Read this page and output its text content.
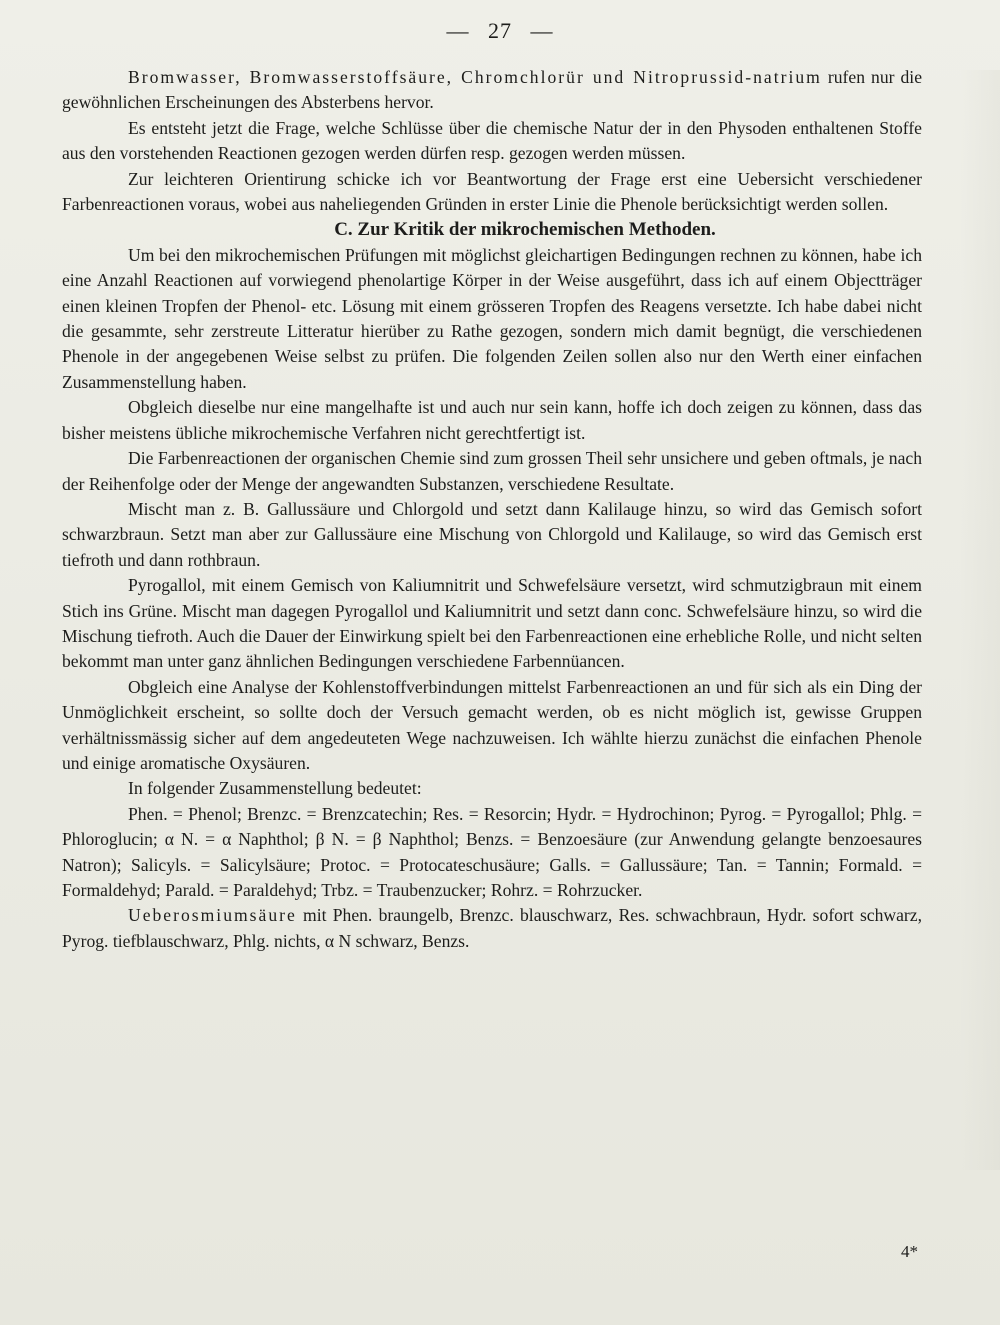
— 27 —

Bromwasser, Bromwasserstoffsäure, Chromchlorür und Nitroprussid-natrium rufen nur die gewöhnlichen Erscheinungen des Absterbens hervor.

Es entsteht jetzt die Frage, welche Schlüsse über die chemische Natur der in den Physoden enthaltenen Stoffe aus den vorstehenden Reactionen gezogen werden dürfen resp. gezogen werden müssen.

Zur leichteren Orientirung schicke ich vor Beantwortung der Frage erst eine Uebersicht verschiedener Farbenreactionen voraus, wobei aus naheliegenden Gründen in erster Linie die Phenole berücksichtigt werden sollen.

C. Zur Kritik der mikrochemischen Methoden.

Um bei den mikrochemischen Prüfungen mit möglichst gleichartigen Bedingungen rechnen zu können, habe ich eine Anzahl Reactionen auf vorwiegend phenolartige Körper in der Weise ausgeführt, dass ich auf einem Objectträger einen kleinen Tropfen der Phenol- etc. Lösung mit einem grösseren Tropfen des Reagens versetzte. Ich habe dabei nicht die gesammte, sehr zerstreute Litteratur hierüber zu Rathe gezogen, sondern mich damit begnügt, die verschiedenen Phenole in der angegebenen Weise selbst zu prüfen. Die folgenden Zeilen sollen also nur den Werth einer einfachen Zusammenstellung haben.

Obgleich dieselbe nur eine mangelhafte ist und auch nur sein kann, hoffe ich doch zeigen zu können, dass das bisher meistens übliche mikrochemische Verfahren nicht gerechtfertigt ist.

Die Farbenreactionen der organischen Chemie sind zum grossen Theil sehr unsichere und geben oftmals, je nach der Reihenfolge oder der Menge der angewandten Substanzen, verschiedene Resultate.

Mischt man z. B. Gallussäure und Chlorgold und setzt dann Kalilauge hinzu, so wird das Gemisch sofort schwarzbraun. Setzt man aber zur Gallussäure eine Mischung von Chlorgold und Kalilauge, so wird das Gemisch erst tiefroth und dann rothbraun.

Pyrogallol, mit einem Gemisch von Kaliumnitrit und Schwefelsäure versetzt, wird schmutzigbraun mit einem Stich ins Grüne. Mischt man dagegen Pyrogallol und Kaliumnitrit und setzt dann conc. Schwefelsäure hinzu, so wird die Mischung tiefroth. Auch die Dauer der Einwirkung spielt bei den Farbenreactionen eine erhebliche Rolle, und nicht selten bekommt man unter ganz ähnlichen Bedingungen verschiedene Farbennüancen.

Obgleich eine Analyse der Kohlenstoffverbindungen mittelst Farbenreactionen an und für sich als ein Ding der Unmöglichkeit erscheint, so sollte doch der Versuch gemacht werden, ob es nicht möglich ist, gewisse Gruppen verhältnissmässig sicher auf dem angedeuteten Wege nachzuweisen. Ich wählte hierzu zunächst die einfachen Phenole und einige aromatische Oxysäuren.

In folgender Zusammenstellung bedeutet:

Phen. = Phenol; Brenzc. = Brenzcatechin; Res. = Resorcin; Hydr. = Hydrochinon; Pyrog. = Pyrogallol; Phlg. = Phloroglucin; α N. = α Naphthol; β N. = β Naphthol; Benzs. = Benzoesäure (zur Anwendung gelangte benzoesaures Natron); Salicyls. = Salicylsäure; Protoc. = Protocateschusäure; Galls. = Gallussäure; Tan. = Tannin; Formald. = Formaldehyd; Parald. = Paraldehyd; Trbz. = Traubenzucker; Rohrz. = Rohrzucker.

Ueberosmiumsäure mit Phen. braungelb, Brenzc. blauschwarz, Res. schwachbraun, Hydr. sofort schwarz, Pyrog. tiefblauschwarz, Phlg. nichts, α N schwarz, Benzs.

4*
